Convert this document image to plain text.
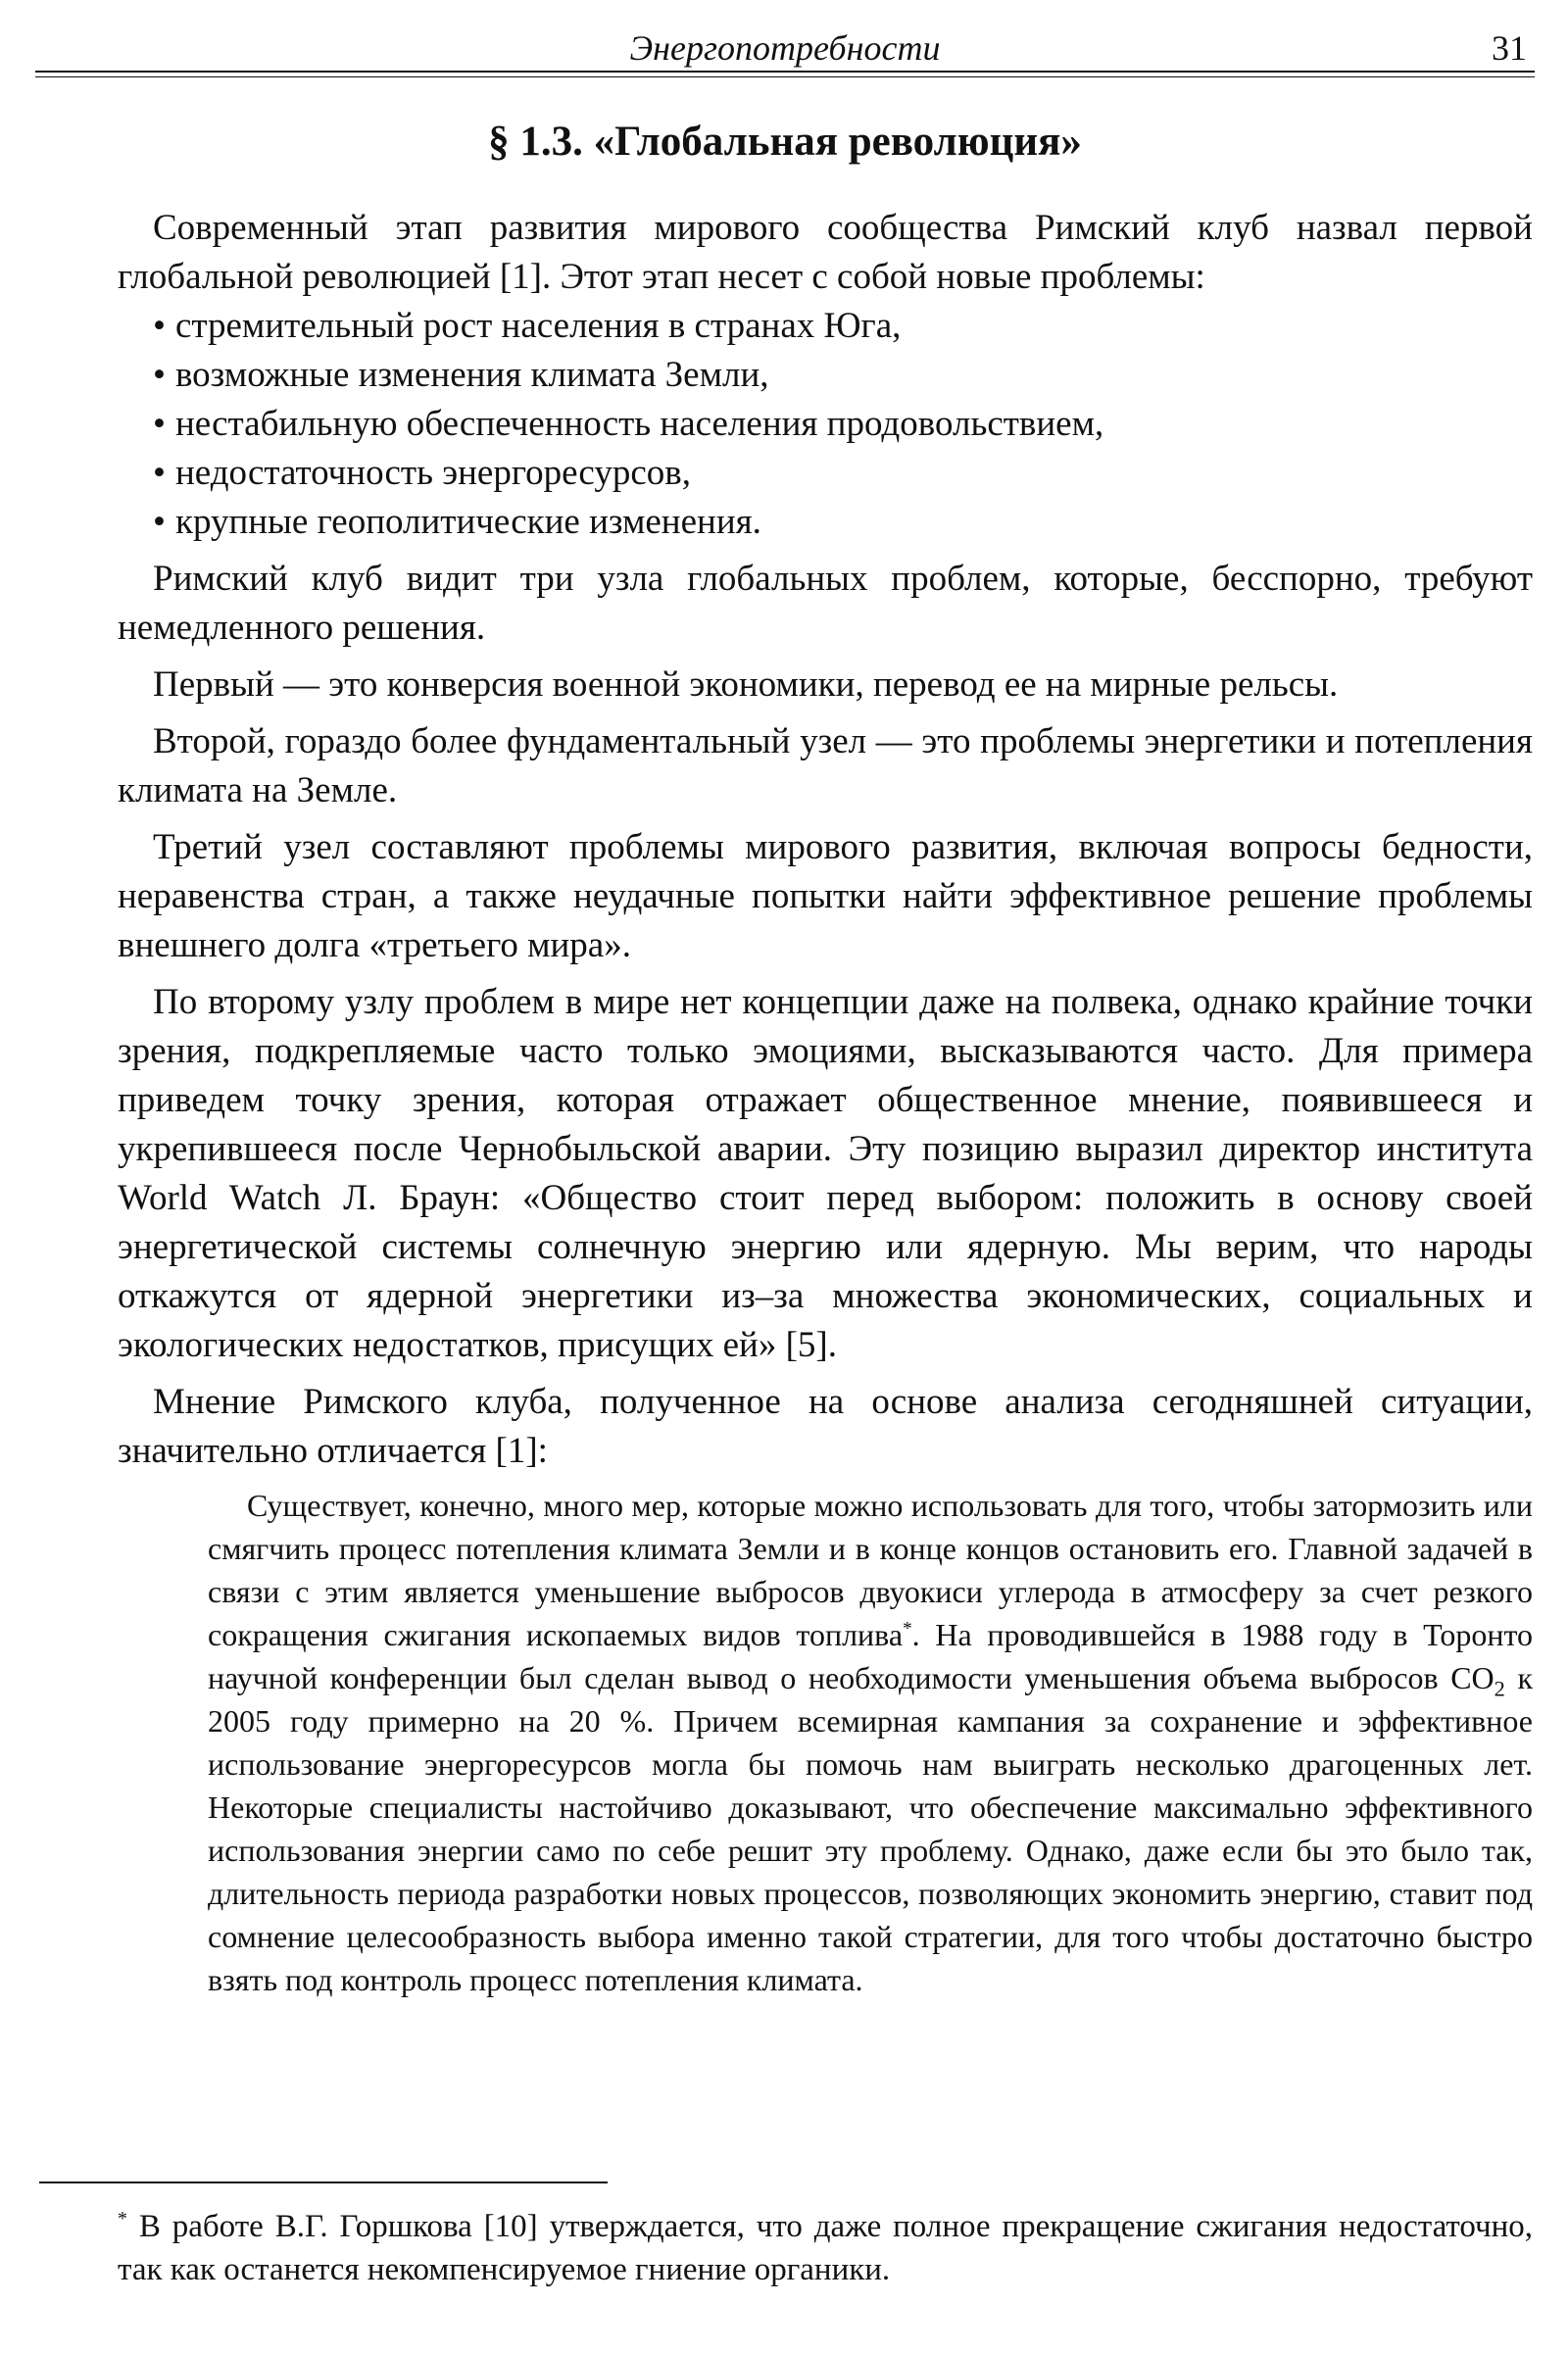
Энергопотребности	31
§ 1.3. «Глобальная революция»

Современный этап развития мирового сообщества Римский клуб назвал первой глобальной революцией [1]. Этот этап несет с собой новые проблемы:

• стремительный рост населения в странах Юга,
• возможные изменения климата Земли,
• нестабильную обеспеченность населения продовольствием,
• недостаточность энергоресурсов,
• крупные геополитические изменения.

Римский клуб видит три узла глобальных проблем, которые, бесспорно, требуют немедленного решения.

Первый — это конверсия военной экономики, перевод ее на мирные рельсы.

Второй, гораздо более фундаментальный узел — это проблемы энергетики и потепления климата на Земле.

Третий узел составляют проблемы мирового развития, включая вопросы бедности, неравенства стран, а также неудачные попытки найти эффективное решение проблемы внешнего долга «третьего мира».

По второму узлу проблем в мире нет концепции даже на полвека, однако крайние точки зрения, подкрепляемые часто только эмоциями, высказываются часто. Для примера приведем точку зрения, которая отражает общественное мнение, появившееся и укрепившееся после Чернобыльской аварии. Эту позицию выразил директор института World Watch Л. Браун: «Общество стоит перед выбором: положить в основу своей энергетической системы солнечную энергию или ядерную. Мы верим, что народы откажутся от ядерной энергетики из–за множества экономических, социальных и экологических недостатков, присущих ей» [5].

Мнение Римского клуба, полученное на основе анализа сегодняшней ситуации, значительно отличается [1]:

Существует, конечно, много мер, которые можно использовать для того, чтобы затормозить или смягчить процесс потепления климата Земли и в конце концов остановить его. Главной задачей в связи с этим является уменьшение выбросов двуокиси углерода в атмосферу за счет резкого сокращения сжигания ископаемых видов топлива*. На проводившейся в 1988 году в Торонто научной конференции был сделан вывод о необходимости уменьшения объема выбросов $CO_2$ к 2005 году примерно на 20 %. Причем всемирная кампания за сохранение и эффективное использование энергоресурсов могла бы помочь нам выиграть несколько драгоценных лет. Некоторые специалисты настойчиво доказывают, что обеспечение максимально эффективного использования энергии само по себе решит эту проблему. Однако, даже если бы это было так, длительность периода разработки новых процессов, позволяющих экономить энергию, ставит под сомнение целесообразность выбора именно такой стратегии, для того чтобы достаточно быстро взять под контроль процесс потепления климата.

* В работе В.Г. Горшкова [10] утверждается, что даже полное прекращение сжигания недостаточно, так как останется некомпенсируемое гниение органики.
